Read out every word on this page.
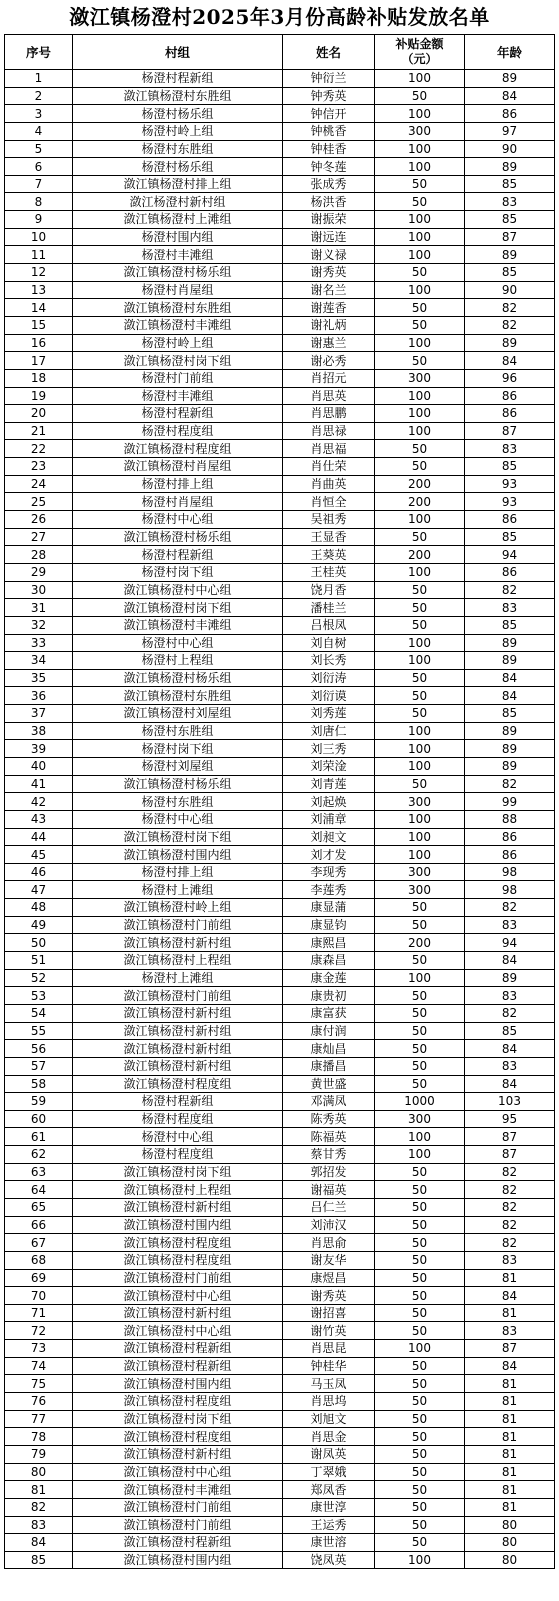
潋江镇杨澄村2025年3月份高龄补贴发放名单
序号	村组	姓名	补贴金额
（元）	年龄
1	杨澄村程新组	钟衍兰	100	89
2	潋江镇杨澄村东胜组	钟秀英	50	84
3	杨澄村杨乐组	钟信开	100	86
4	杨澄村岭上组	钟桃香	300	97
5	杨澄村东胜组	钟桂香	100	90
6	杨澄村杨乐组	钟冬莲	100	89
7	潋江镇杨澄村排上组	张成秀	50	85
8	潋江杨澄村新村组	杨洪香	50	83
9	潋江镇杨澄村上滩组	谢振荣	100	85
10	杨澄村围内组	谢远连	100	87
11	杨澄村丰滩组	谢义禄	100	89
12	潋江镇杨澄村杨乐组	谢秀英	50	85
13	杨澄村肖屋组	谢名兰	100	90
14	潋江镇杨澄村东胜组	谢莲香	50	82
15	潋江镇杨澄村丰滩组	谢礼炳	50	82
16	杨澄村岭上组	谢惠兰	100	89
17	潋江镇杨澄村岗下组	谢必秀	50	84
18	杨澄村门前组	肖招元	300	96
19	杨澄村丰滩组	肖思英	100	86
20	杨澄村程新组	肖思鹏	100	86
21	杨澄村程度组	肖思禄	100	87
22	潋江镇杨澄村程度组	肖思福	50	83
23	潋江镇杨澄村肖屋组	肖仕荣	50	85
24	杨澄村排上组	肖曲英	200	93
25	杨澄村肖屋组	肖恒全	200	93
26	杨澄村中心组	吴祖秀	100	86
27	潋江镇杨澄村杨乐组	王显香	50	85
28	杨澄村程新组	王葵英	200	94
29	杨澄村岗下组	王桂英	100	86
30	潋江镇杨澄村中心组	饶月香	50	82
31	潋江镇杨澄村岗下组	潘桂兰	50	83
32	潋江镇杨澄村丰滩组	吕根凤	50	85
33	杨澄村中心组	刘自树	100	89
34	杨澄村上程组	刘长秀	100	89
35	潋江镇杨澄村杨乐组	刘衍涛	50	84
36	潋江镇杨澄村东胜组	刘衍谟	50	84
37	潋江镇杨澄村刘屋组	刘秀莲	50	85
38	杨澄村东胜组	刘唐仁	100	89
39	杨澄村岗下组	刘三秀	100	89
40	杨澄村刘屋组	刘荣淦	100	89
41	潋江镇杨澄村杨乐组	刘青莲	50	82
42	杨澄村东胜组	刘起焕	300	99
43	杨澄村中心组	刘浦章	100	88
44	潋江镇杨澄村岗下组	刘昶文	100	86
45	潋江镇杨澄村围内组	刘才发	100	86
46	杨澄村排上组	李现秀	300	98
47	杨澄村上滩组	李莲秀	300	98
48	潋江镇杨澄村岭上组	康显蒲	50	82
49	潋江镇杨澄村门前组	康显钧	50	83
50	潋江镇杨澄村新村组	康熙昌	200	94
51	潋江镇杨澄村上程组	康森昌	50	84
52	杨澄村上滩组	康金莲	100	89
53	潋江镇杨澄村门前组	康贵初	50	83
54	潋江镇杨澄村新村组	康富获	50	82
55	潋江镇杨澄村新村组	康付润	50	85
56	潋江镇杨澄村新村组	康灿昌	50	84
57	潋江镇杨澄村新村组	康播昌	50	83
58	潋江镇杨澄村程度组	黄世盛	50	84
59	杨澄村程新组	邓满凤	1000	103
60	杨澄村程度组	陈秀英	300	95
61	杨澄村中心组	陈福英	100	87
62	杨澄村程度组	蔡甘秀	100	87
63	潋江镇杨澄村岗下组	郭招发	50	82
64	潋江镇杨澄村上程组	谢福英	50	82
65	潋江镇杨澄村新村组	吕仁兰	50	82
66	潋江镇杨澄村围内组	刘沛汉	50	82
67	潋江镇杨澄村程度组	肖思俞	50	82
68	潋江镇杨澄村程度组	谢友华	50	83
69	潋江镇杨澄村门前组	康煜昌	50	81
70	潋江镇杨澄村中心组	谢秀英	50	84
71	潋江镇杨澄村新村组	谢招喜	50	81
72	潋江镇杨澄村中心组	谢竹英	50	83
73	潋江镇杨澄村程新组	肖思昆	100	87
74	潋江镇杨澄村程新组	钟桂华	50	84
75	潋江镇杨澄村围内组	马玉凤	50	81
76	潋江镇杨澄村程度组	肖思坞	50	81
77	潋江镇杨澄村岗下组	刘旭文	50	81
78	潋江镇杨澄村程度组	肖思金	50	81
79	潋江镇杨澄村新村组	谢凤英	50	81
80	潋江镇杨澄村中心组	丁翠娥	50	81
81	潋江镇杨澄村丰滩组	郑凤香	50	81
82	潋江镇杨澄村门前组	康世淳	50	81
83	潋江镇杨澄村门前组	王运秀	50	80
84	潋江镇杨澄村程新组	康世溶	50	80
85	潋江镇杨澄村围内组	饶凤英	100	80
